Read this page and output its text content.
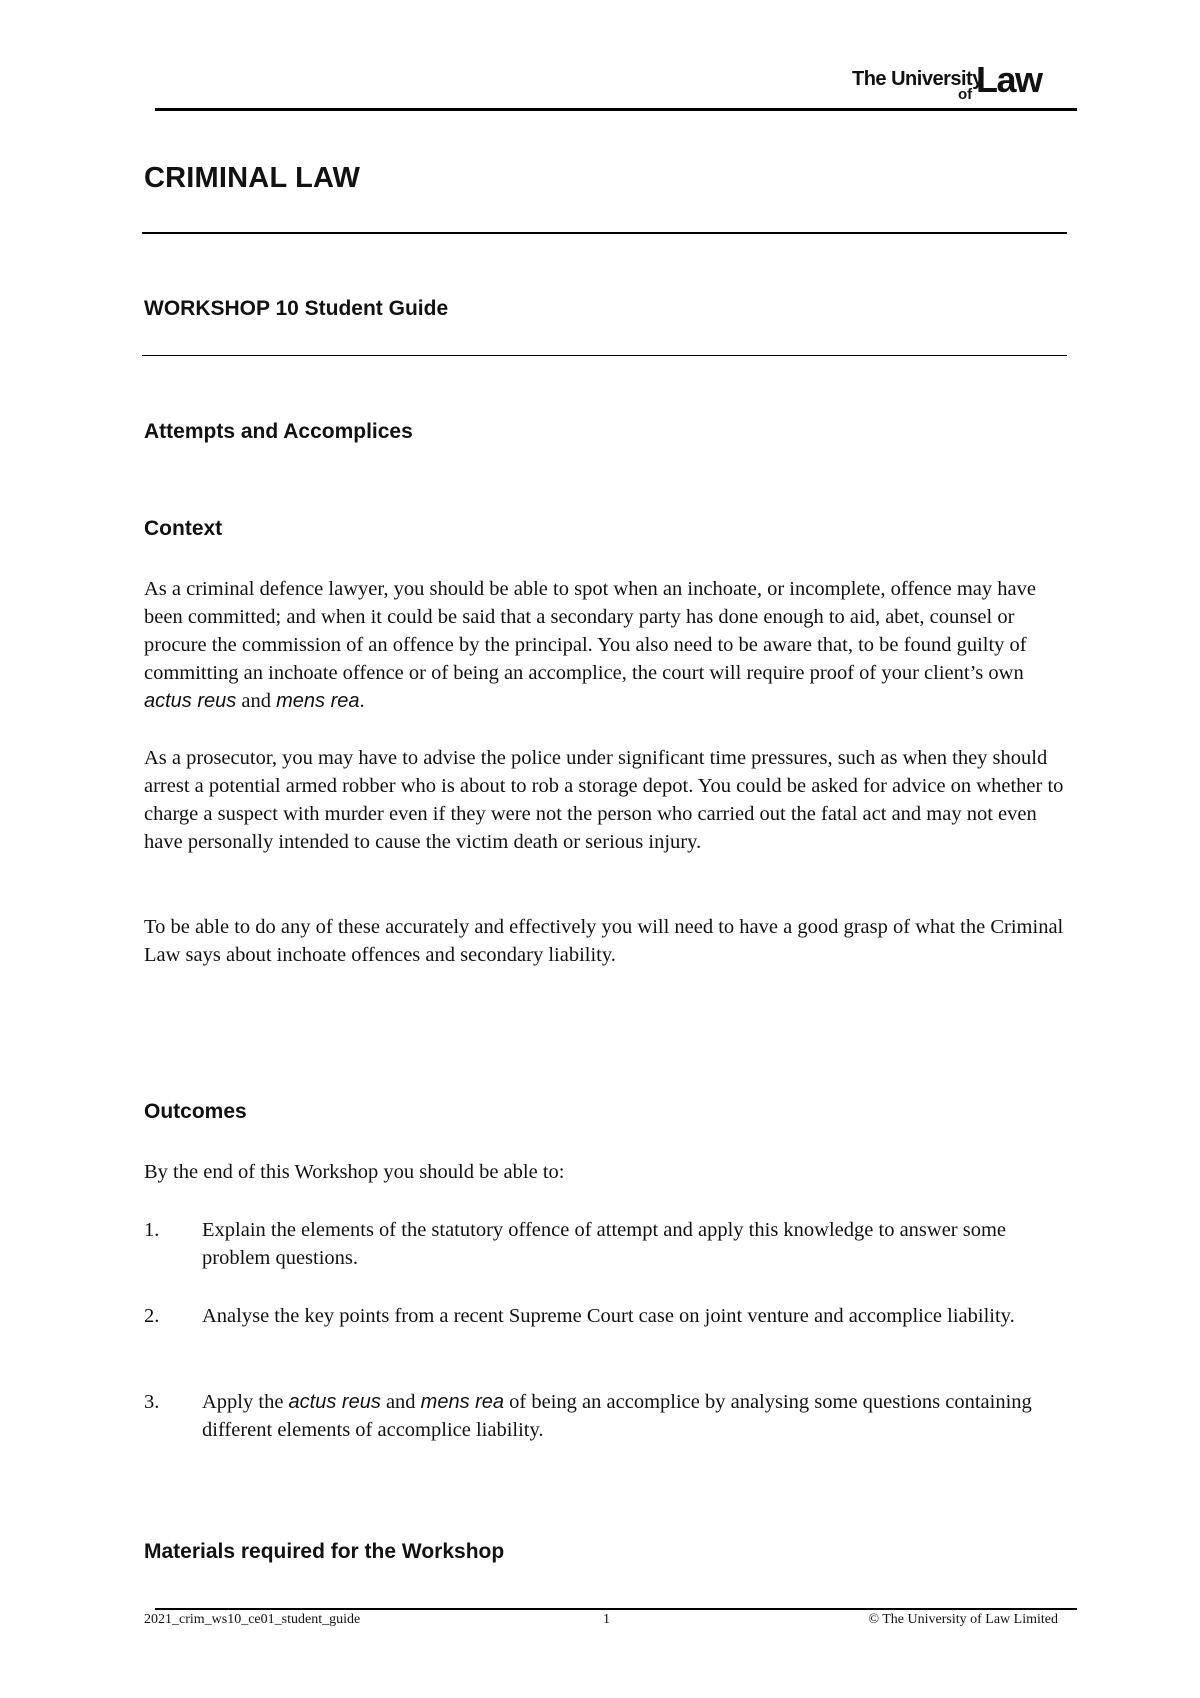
The University
of Law
CRIMINAL LAW
WORKSHOP 10 Student Guide
Attempts and Accomplices
Context

As a criminal defence lawyer, you should be able to spot when an inchoate, or incomplete, offence may have been committed; and when it could be said that a secondary party has done enough to aid, abet, counsel or procure the commission of an offence by the principal. You also need to be aware that, to be found guilty of committing an inchoate offence or of being an accomplice, the court will require proof of your client’s own actus reus and mens rea.

As a prosecutor, you may have to advise the police under significant time pressures, such as when they should arrest a potential armed robber who is about to rob a storage depot. You could be asked for advice on whether to charge a suspect with murder even if they were not the person who carried out the fatal act and may not even have personally intended to cause the victim death or serious injury.

To be able to do any of these accurately and effectively you will need to have a good grasp of what the Criminal Law says about inchoate offences and secondary liability.

Outcomes

By the end of this Workshop you should be able to:

1. Explain the elements of the statutory offence of attempt and apply this knowledge to answer some problem questions.
2. Analyse the key points from a recent Supreme Court case on joint venture and accomplice liability.
3. Apply the actus reus and mens rea of being an accomplice by analysing some questions containing different elements of accomplice liability.
Materials required for the Workshop
2021_crim_ws10_ce01_student_guide	1	© The University of Law Limited
